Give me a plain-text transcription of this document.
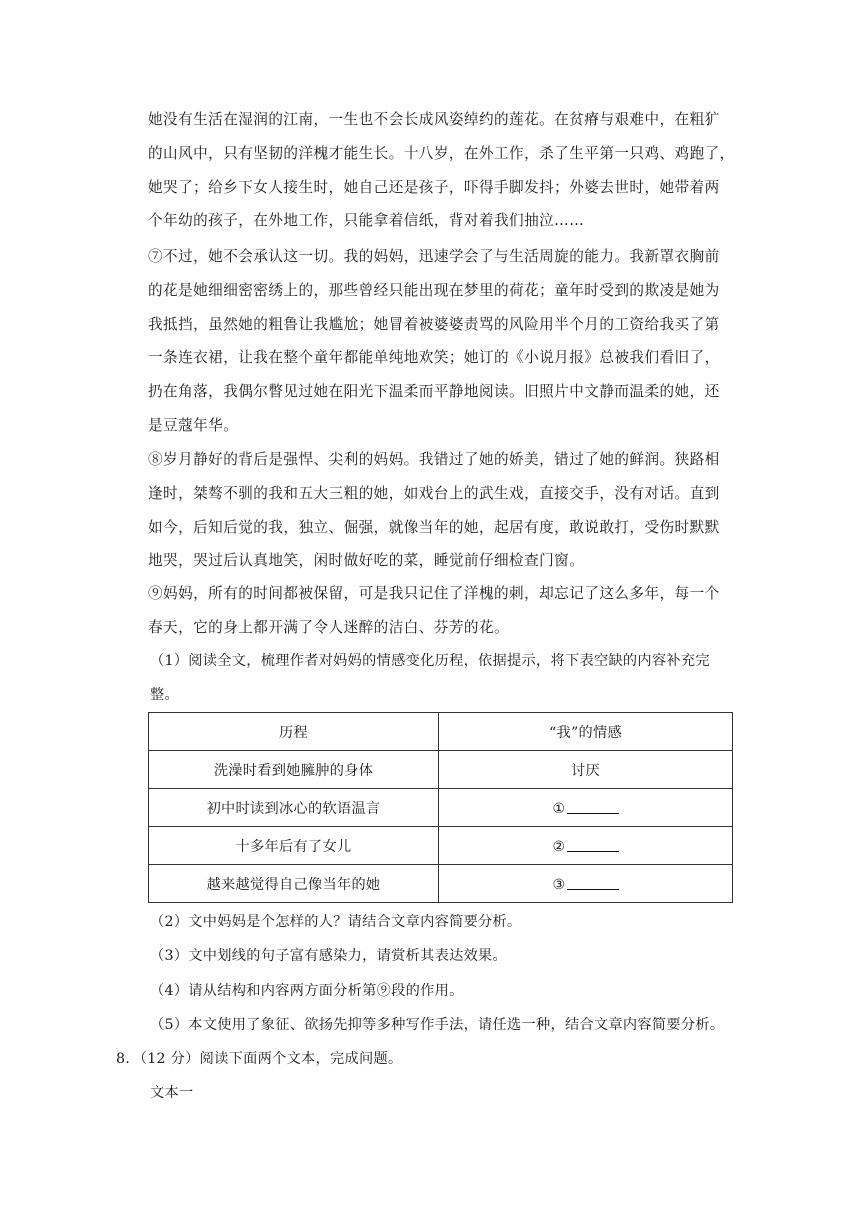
她没有生活在湿润的江南，一生也不会长成风姿绰约的莲花。在贫瘠与艰难中，在粗犷
的山风中，只有坚韧的洋槐才能生长。十八岁，在外工作，杀了生平第一只鸡、鸡跑了，
她哭了；给乡下女人接生时，她自己还是孩子，吓得手脚发抖；外婆去世时，她带着两
个年幼的孩子，在外地工作，只能拿着信纸，背对着我们抽泣……
⑦不过，她不会承认这一切。我的妈妈，迅速学会了与生活周旋的能力。我新罩衣胸前
的花是她细细密密绣上的，那些曾经只能出现在梦里的荷花；童年时受到的欺凌是她为
我抵挡，虽然她的粗鲁让我尴尬；她冒着被婆婆责骂的风险用半个月的工资给我买了第
一条连衣裙，让我在整个童年都能单纯地欢笑；她订的《小说月报》总被我们看旧了，
扔在角落，我偶尔瞥见过她在阳光下温柔而平静地阅读。旧照片中文静而温柔的她，还
是豆蔻年华。
⑧岁月静好的背后是强悍、尖利的妈妈。我错过了她的娇美，错过了她的鲜润。狭路相
逢时，桀骜不驯的我和五大三粗的她，如戏台上的武生戏，直接交手，没有对话。直到
如今，后知后觉的我，独立、倔强，就像当年的她，起居有度，敢说敢打，受伤时默默
地哭，哭过后认真地笑，闲时做好吃的菜，睡觉前仔细检查门窗。
⑨妈妈，所有的时间都被保留，可是我只记住了洋槐的刺，却忘记了这么多年，每一个
春天，它的身上都开满了令人迷醉的洁白、芬芳的花。
（1）阅读全文，梳理作者对妈妈的情感变化历程，依据提示，将下表空缺的内容补充完
整。
历程	“我”的情感
洗澡时看到她臃肿的身体	讨厌
初中时读到冰心的软语温言	①
十多年后有了女儿	②
越来越觉得自己像当年的她	③

（2）文中妈妈是个怎样的人？请结合文章内容简要分析。

（3）文中划线的句子富有感染力，请赏析其表达效果。

（4）请从结构和内容两方面分析第⑨段的作用。

（5）本文使用了象征、欲扬先抑等多种写作手法，请任选一种，结合文章内容简要分析。

8．（12 分）阅读下面两个文本，完成问题。

文本一
